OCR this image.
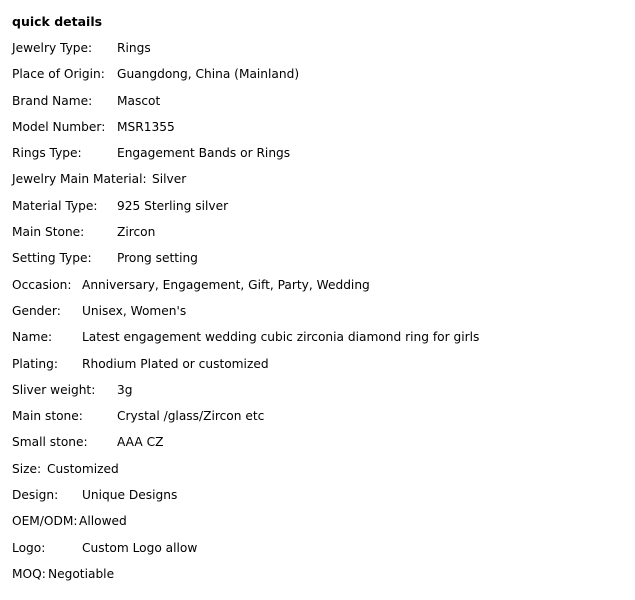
quick details
Jewelry Type: Rings
Place of Origin: Guangdong, China (Mainland)
Brand Name: Mascot
Model Number: MSR1355
Rings Type:	Engagement Bands or Rings
Jewelry Main Material: Silver
Material Type: 925 Sterling silver
Main Stone:	Zircon
Setting Type: Prong setting
Occasion: Anniversary, Engagement, Gift, Party, Wedding
Gender: Unisex, Women's
Name: Latest engagement wedding cubic zirconia diamond ring for girls
Plating: Rhodium Plated or customized
Sliver weight: 3g
Main stone:	Crystal /glass/Zircon etc
Small stone: AAA CZ
Size: Customized
Design: Unique Designs
OEM/ODM: Allowed
Logo:	Custom Logo allow
MOQ: Negotiable
